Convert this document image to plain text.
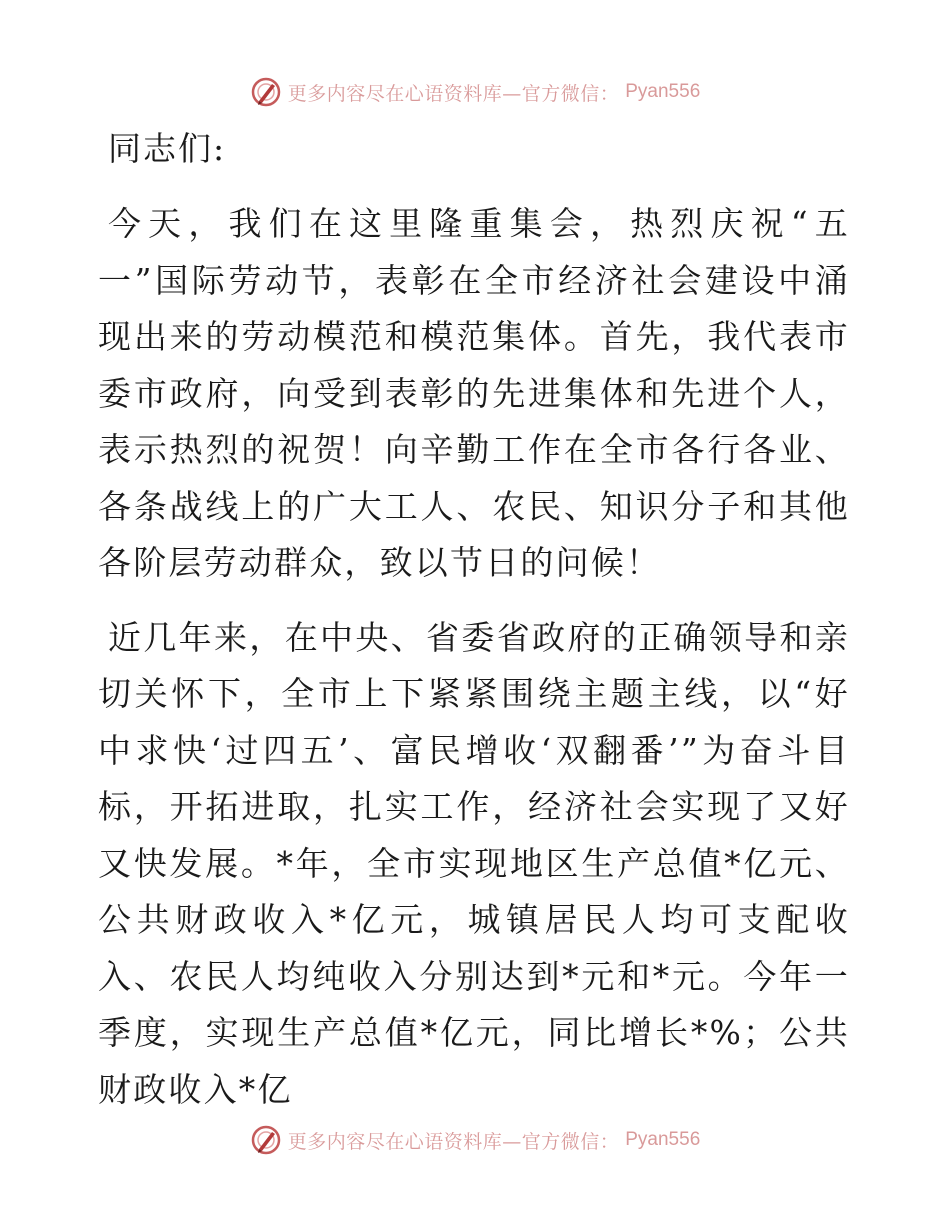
更多内容尽在心语资料库—官方微信： Pyan556
同志们:

今天，我们在这里隆重集会，热烈庆祝“五一”国际劳动节，表彰在全市经济社会建设中涌现出来的劳动模范和模范集体。首先，我代表市委市政府，向受到表彰的先进集体和先进个人，表示热烈的祝贺！向辛勤工作在全市各行各业、各条战线上的广大工人、农民、知识分子和其他各阶层劳动群众，致以节日的问候！

近几年来，在中央、省委省政府的正确领导和亲切关怀下，全市上下紧紧围绕主题主线，以“好中求快‘过四五’、富民增收‘双翻番’”为奋斗目标，开拓进取，扎实工作，经济社会实现了又好又快发展。*年，全市实现地区生产总值*亿元、公共财政收入*亿元，城镇居民人均可支配收入、农民人均纯收入分别达到*元和*元。今年一季度，实现生产总值*亿元，同比增长*%；公共财政收入*亿

更多内容尽在心语资料库—官方微信： Pyan556
